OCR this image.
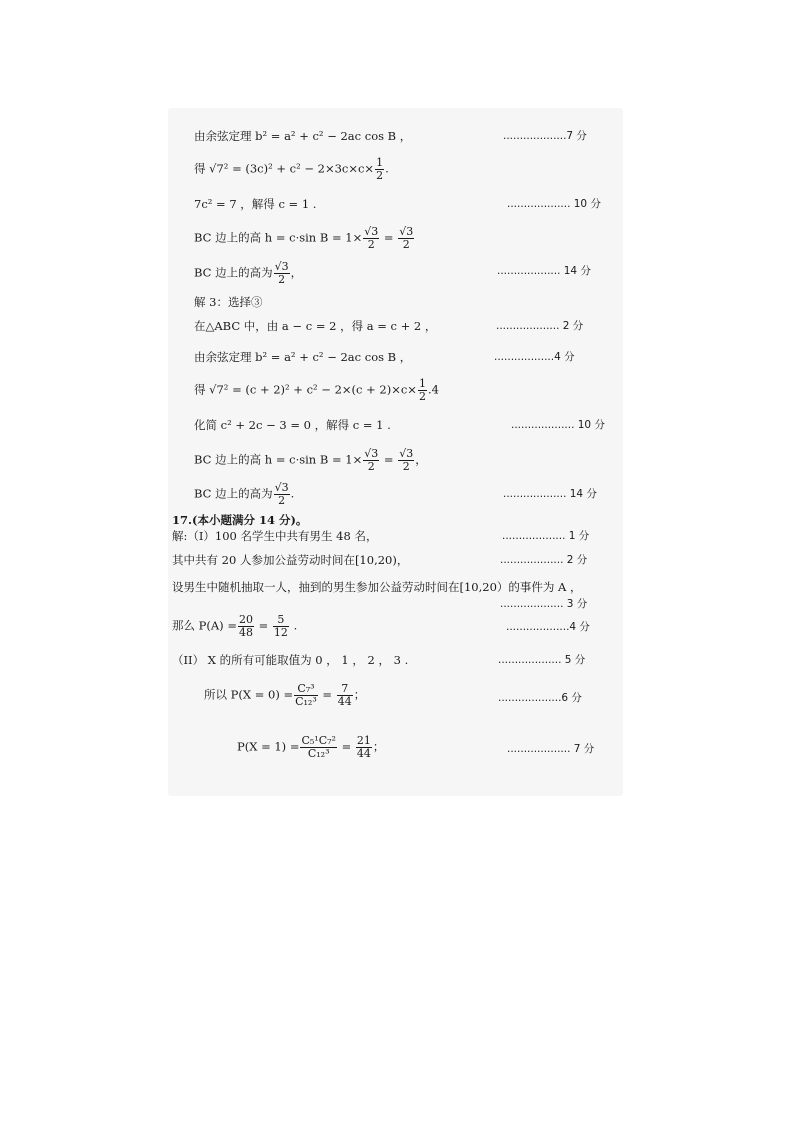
由余弦定理 b² = a² + c² − 2ac cos B ，	...................7 分
得 $√7^2 = (3c)^2 + c^2 - 2\times 3c\times c\times \frac{1}{2}$ .
7c² = 7 ，解得 c = 1 .	................... 10 分
BC 边上的高 h = c·sin $B = 1\times \frac{√3}{2} = \frac{√3}{2}$
BC 边上的高为 $\frac{√3}{2}$ ，	................... 14 分
解 3：选择③
在△ABC 中，由 a − c = 2 ，得 a = c + 2 ，	................... 2 分
由余弦定理 b² = a² + c² − 2ac cos B ，	..................4 分
得 $√7^2 = (c + 2)^2 + c^2 - 2\times(c + 2)\times c\times \frac{1}{2} .4$
化简 c² + 2c − 3 = 0 ，解得 c = 1 .	................... 10 分
BC 边上的高 h = c·sin $B = 1\times \frac{√3}{2} = \frac{√3}{2}$ ，
BC 边上的高为 $\frac{√3}{2}$ .	................... 14 分
17.(本小题满分 14 分)。
解:（Ⅰ）100 名学生中共有男生 48 名，	................... 1 分
其中共有 20 人参加公益劳动时间在[10,20)，	................... 2 分
设男生中随机抽取一人，抽到的男生参加公益劳动时间在[10,20）的事件为 A ，
................... 3 分
那么 $P(A) = \frac{20}{48} = \frac{5}{12}$ .	...................4 分
（II） X 的所有可能取值为 0 ， 1 ， 2 ， 3 .	................... 5 分
所以 $P(X = 0) = \frac{\text{C₇³}}{\text{C₁₂³}} = \frac{7}{44}$ ；	...................6 分
$P(X = 1) = \frac{\text{C₅¹C₇²}}{\text{C₁₂³}} = \frac{21}{44}$ ；	................... 7 分
